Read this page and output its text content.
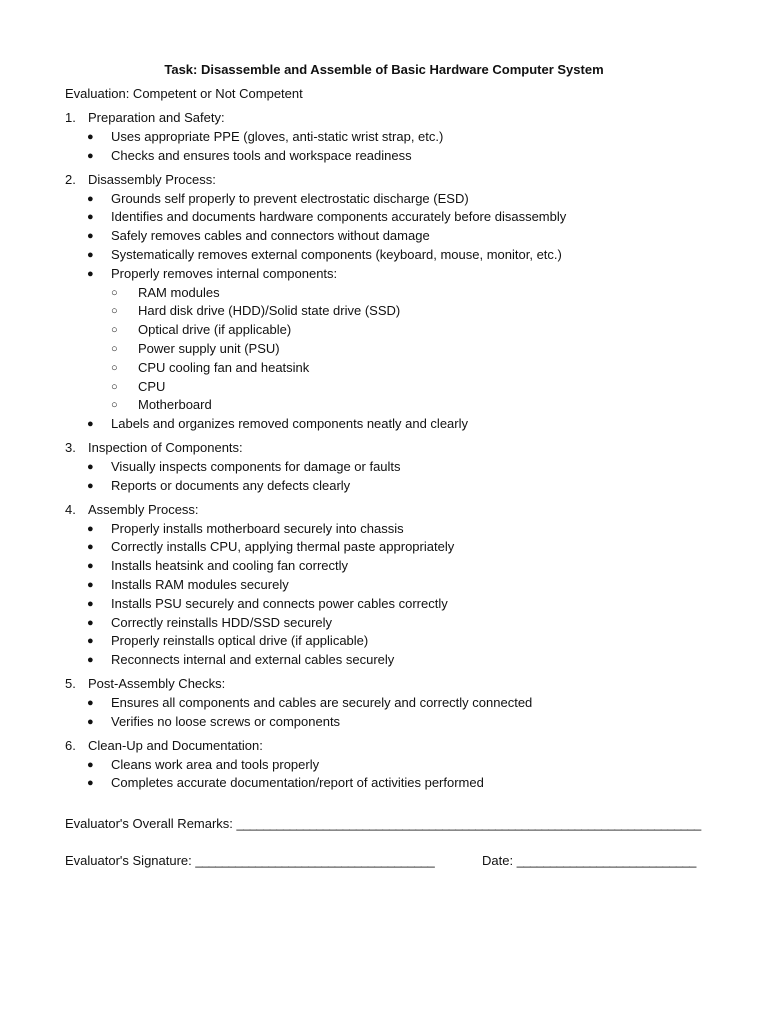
Task: Disassemble and Assemble of Basic Hardware Computer System
Evaluation: Competent or Not Competent
1. Preparation and Safety:
● Uses appropriate PPE (gloves, anti-static wrist strap, etc.)
● Checks and ensures tools and workspace readiness
2. Disassembly Process:
● Grounds self properly to prevent electrostatic discharge (ESD)
● Identifies and documents hardware components accurately before disassembly
● Safely removes cables and connectors without damage
● Systematically removes external components (keyboard, mouse, monitor, etc.)
● Properly removes internal components:
○ RAM modules
○ Hard disk drive (HDD)/Solid state drive (SSD)
○ Optical drive (if applicable)
○ Power supply unit (PSU)
○ CPU cooling fan and heatsink
○ CPU
○ Motherboard
● Labels and organizes removed components neatly and clearly
3. Inspection of Components:
● Visually inspects components for damage or faults
● Reports or documents any defects clearly
4. Assembly Process:
● Properly installs motherboard securely into chassis
● Correctly installs CPU, applying thermal paste appropriately
● Installs heatsink and cooling fan correctly
● Installs RAM modules securely
● Installs PSU securely and connects power cables correctly
● Correctly reinstalls HDD/SSD securely
● Properly reinstalls optical drive (if applicable)
● Reconnects internal and external cables securely
5. Post-Assembly Checks:
● Ensures all components and cables are securely and correctly connected
● Verifies no loose screws or components
6. Clean-Up and Documentation:
● Cleans work area and tools properly
● Completes accurate documentation/report of activities performed
Evaluator's Overall Remarks: ______________________________________________________________________
Evaluator's Signature: ____________________________________	Date: ___________________________
